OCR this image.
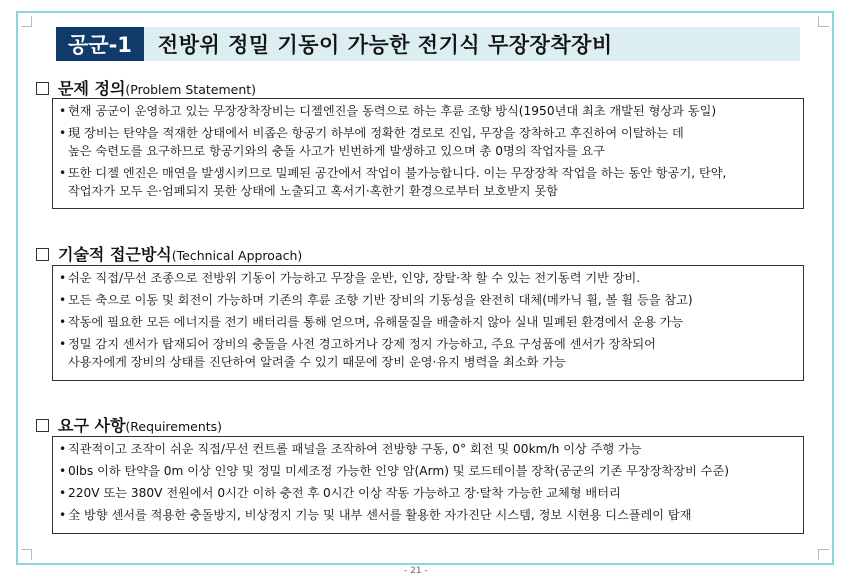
공군-1	전방위 정밀 기동이 가능한 전기식 무장장착장비
문제 정의 (Problem Statement)
• 현재 공군이 운영하고 있는 무장장착장비는 디젤엔진을 동력으로 하는 후륜 조향 방식(1950년대 최초 개발된 형상과 동일)
• 現 장비는 탄약을 적재한 상태에서 비좁은 항공기 하부에 정확한 경로로 진입, 무장을 장착하고 후진하여 이탈하는 데
높은 숙련도를 요구하므로 항공기와의 충돌 사고가 빈번하게 발생하고 있으며 총 0명의 작업자를 요구
• 또한 디젤 엔진은 매연을 발생시키므로 밀폐된 공간에서 작업이 불가능합니다. 이는 무장장착 작업을 하는 동안 항공기, 탄약,
작업자가 모두 은·엄폐되지 못한 상태에 노출되고 혹서기·혹한기 환경으로부터 보호받지 못함
기술적 접근방식 (Technical Approach)
• 쉬운 직접/무선 조종으로 전방위 기동이 가능하고 무장을 운반, 인양, 장탈·착 할 수 있는 전기동력 기반 장비.
• 모든 축으로 이동 및 회전이 가능하며 기존의 후륜 조향 기반 장비의 기동성을 완전히 대체(메카닉 휠, 볼 휠 등을 참고)
• 작동에 필요한 모든 에너지를 전기 배터리를 통해 얻으며, 유해물질을 배출하지 않아 실내 밀폐된 환경에서 운용 가능
• 정밀 감지 센서가 탑재되어 장비의 충돌을 사전 경고하거나 강제 정지 가능하고, 주요 구성품에 센서가 장착되어
사용자에게 장비의 상태를 진단하여 알려줄 수 있기 때문에 장비 운영·유지 병력을 최소화 가능
요구 사항 (Requirements)
• 직관적이고 조작이 쉬운 직접/무선 컨트롤 패널을 조작하여 전방향 구동, 0° 회전 및 00km/h 이상 주행 가능
• 0lbs 이하 탄약을 0m 이상 인양 및 정밀 미세조정 가능한 인양 암(Arm) 및 로드테이블 장착(공군의 기존 무장장착장비 수준)
• 220V 또는 380V 전원에서 0시간 이하 충전 후 0시간 이상 작동 가능하고 장·탈착 가능한 교체형 배터리
• 全 방향 센서를 적용한 충돌방지, 비상정지 기능 및 내부 센서를 활용한 자가진단 시스템, 정보 시현용 디스플레이 탑재
- 21 -
